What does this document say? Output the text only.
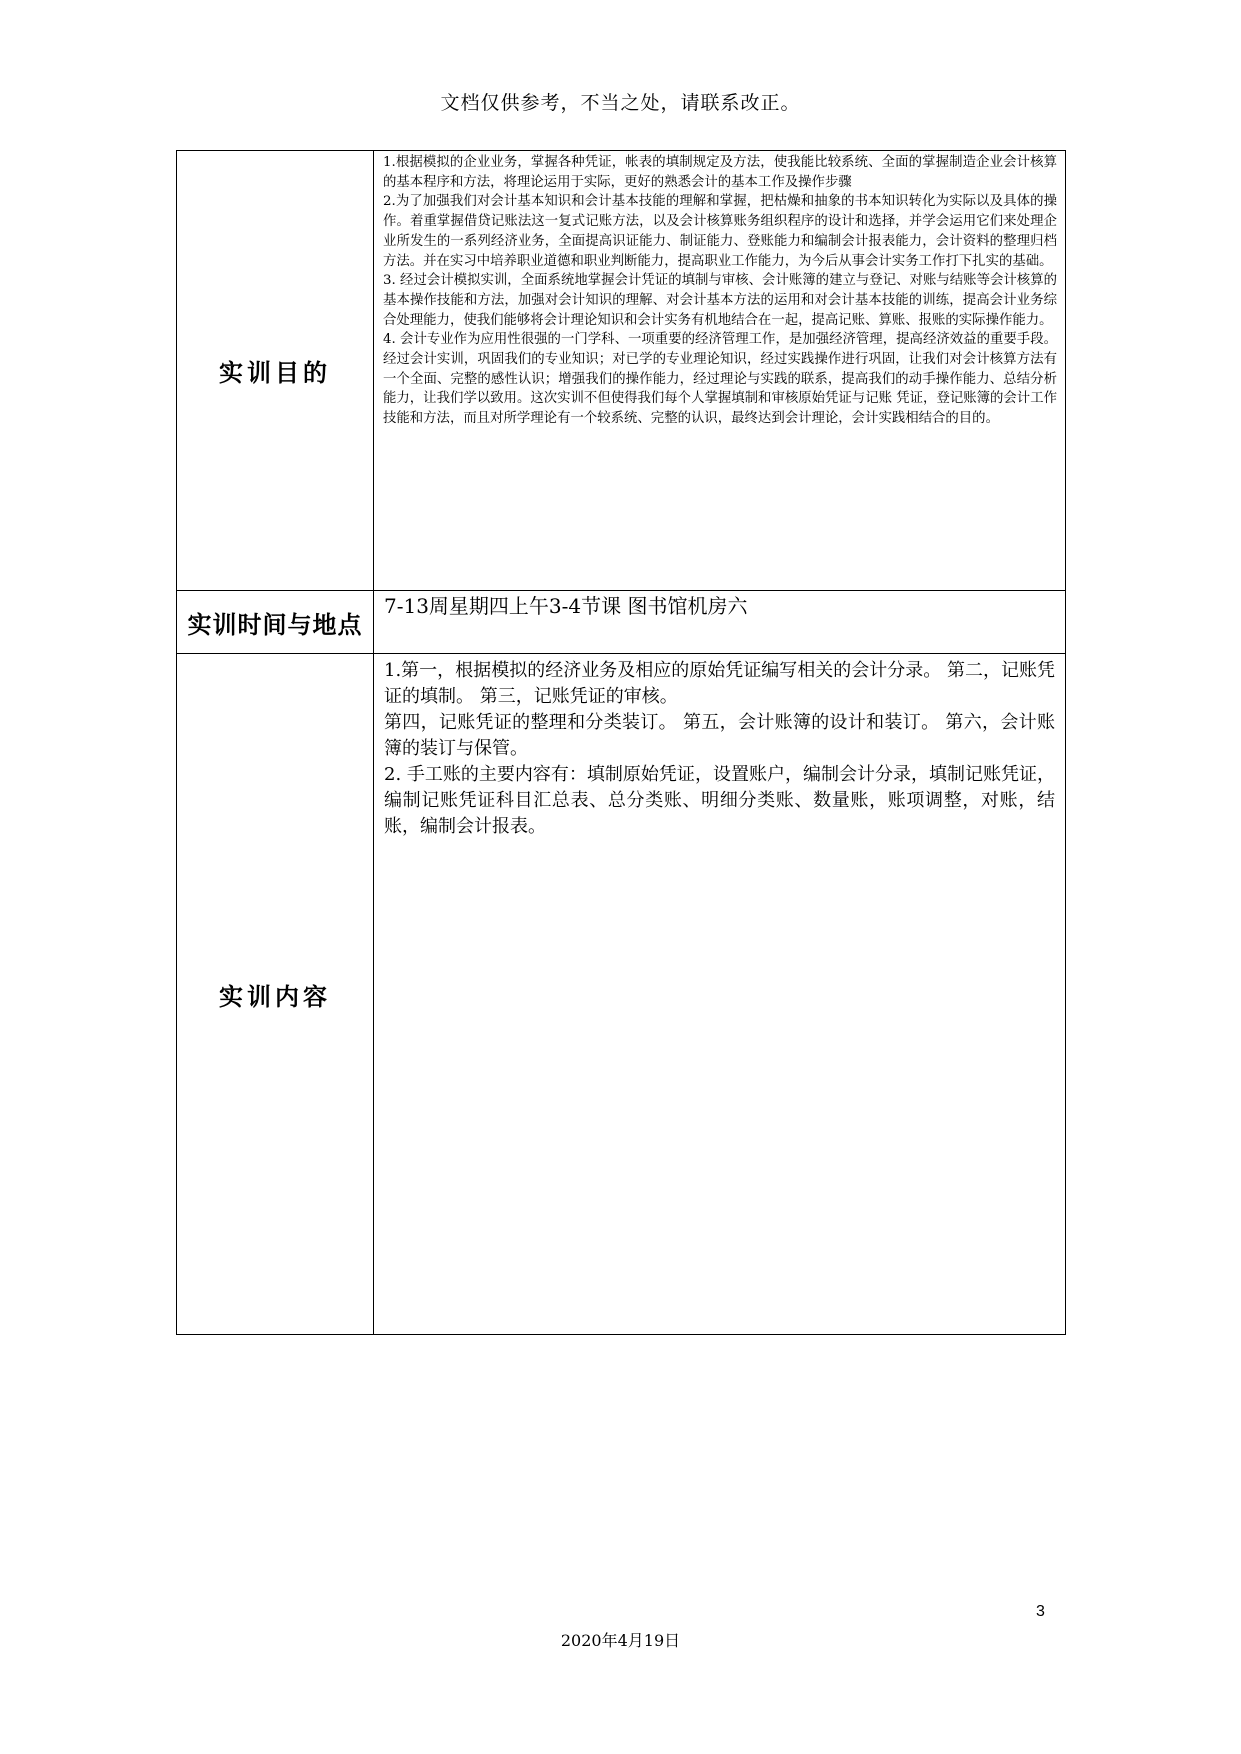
文档仅供参考，不当之处，请联系改正。
实训目的	1.根据模拟的企业业务，掌握各种凭证，帐表的填制规定及方法，使我能比较系统、全面的掌握制造企业会计核算的基本程序和方法，将理论运用于实际，更好的熟悉会计的基本工作及操作步骤

2.为了加强我们对会计基本知识和会计基本技能的理解和掌握，把枯燥和抽象的书本知识转化为实际以及具体的操作。着重掌握借贷记账法这一复式记账方法，以及会计核算账务组织程序的设计和选择，并学会运用它们来处理企业所发生的一系列经济业务，全面提高识证能力、制证能力、登账能力和编制会计报表能力，会计资料的整理归档方法。并在实习中培养职业道德和职业判断能力，提高职业工作能力，为今后从事会计实务工作打下扎实的基础。

3. 经过会计模拟实训，全面系统地掌握会计凭证的填制与审核、会计账簿的建立与登记、对账与结账等会计核算的基本操作技能和方法，加强对会计知识的理解、对会计基本方法的运用和对会计基本技能的训练，提高会计业务综合处理能力，使我们能够将会计理论知识和会计实务有机地结合在一起，提高记账、算账、报账的实际操作能力。

4. 会计专业作为应用性很强的一门学科、一项重要的经济管理工作，是加强经济管理，提高经济效益的重要手段。经过会计实训，巩固我们的专业知识；对已学的专业理论知识，经过实践操作进行巩固，让我们对会计核算方法有一个全面、完整的感性认识；增强我们的操作能力，经过理论与实践的联系，提高我们的动手操作能力、总结分析能力，让我们学以致用。这次实训不但使得我们每个人掌握填制和审核原始凭证与记账 凭证，登记账簿的会计工作技能和方法，而且对所学理论有一个较系统、完整的认识，最终达到会计理论，会计实践相结合的目的。

实训时间与地点	7-13周星期四上午3-4节课 图书馆机房六

实训内容	1.第一，根据模拟的经济业务及相应的原始凭证编写相关的会计分录。 第二，记账凭证的填制。 第三，记账凭证的审核。

第四，记账凭证的整理和分类装订。 第五，会计账簿的设计和装订。 第六，会计账簿的装订与保管。

2. 手工账的主要内容有：填制原始凭证，设置账户，编制会计分录，填制记账凭证，编制记账凭证科目汇总表、总分类账、明细分类账、数量账，账项调整，对账，结账，编制会计报表。

3
2020年4月19日
